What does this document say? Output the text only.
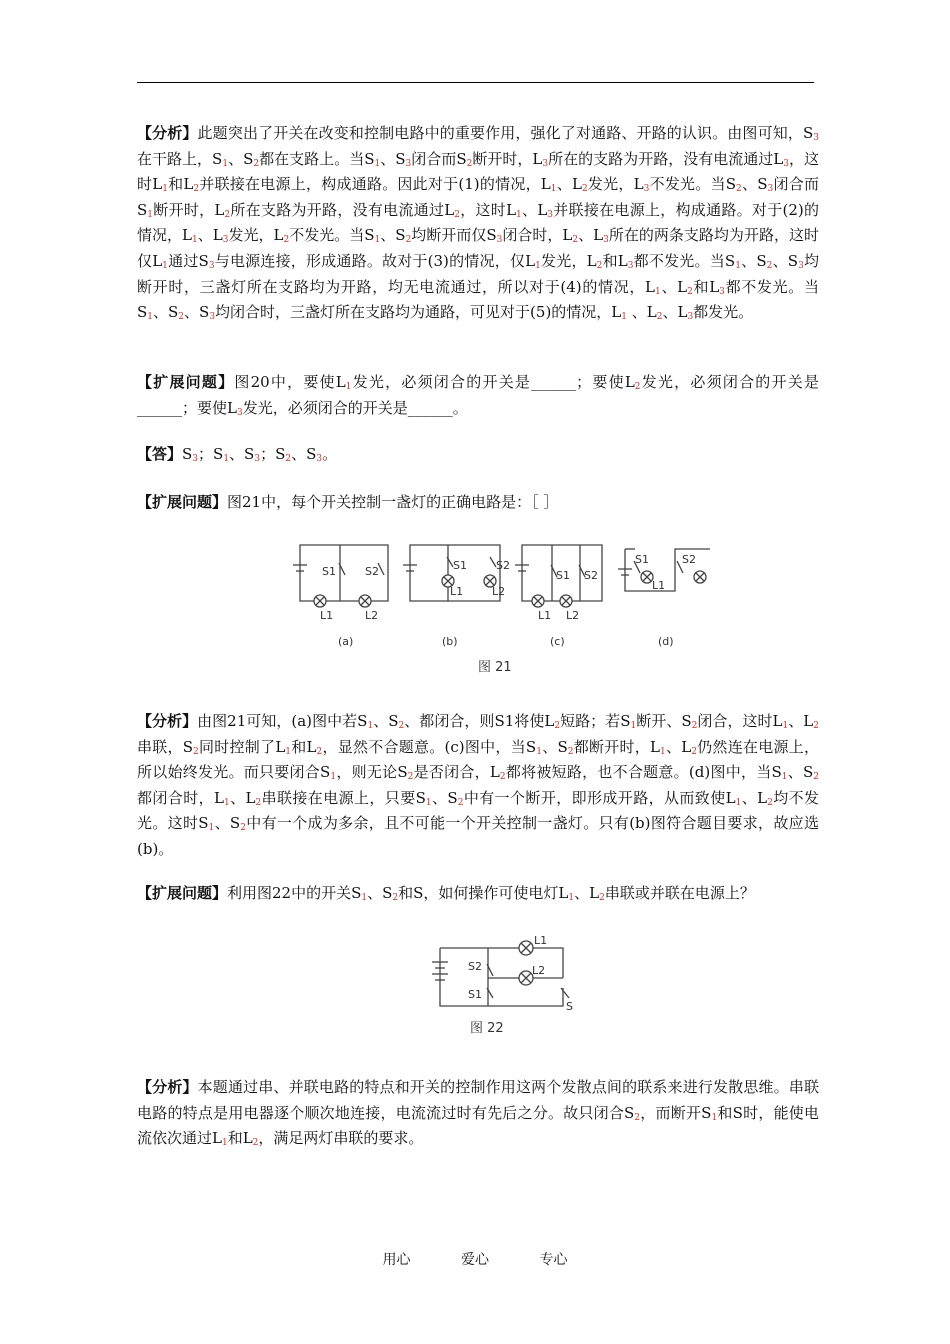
【分析】此题突出了开关在改变和控制电路中的重要作用，强化了对通路、开路的认识。由图可知，$S_3$在干路上，$S_1$、$S_2$都在支路上。当$S_1$、$S_3$闭合而$S_2$断开时，$L_3$所在的支路为开路，没有电流通过$L_3$，这时$L_1$和$L_2$并联接在电源上，构成通路。因此对于(1)的情况，$L_1$、$L_2$发光，$L_3$不发光。当$S_2$、$S_3$闭合而$S_1$断开时，$L_2$所在支路为开路，没有电流通过$L_2$，这时$L_1$、$L_3$并联接在电源上，构成通路。对于(2)的情况，$L_1$、$L_3$发光，$L_2$不发光。当$S_1$、$S_2$均断开而仅$S_3$闭合时，$L_2$、$L_3$所在的两条支路均为开路，这时仅$L_1$通过$S_3$与电源连接，形成通路。故对于(3)的情况，仅$L_1$发光，$L_2$和$L_3$都不发光。当$S_1$、$S_2$、$S_3$均断开时，三盏灯所在支路均为开路，均无电流通过，所以对于(4)的情况，$L_1$、$L_2$和$L_3$都不发光。当$S_1$、$S_2$、$S_3$均闭合时，三盏灯所在支路均为通路，可见对于(5)的情况，$L_1$ 、$L_2$、$L_3$都发光。

【扩展问题】图20中，要使$L_1$发光，必须闭合的开关是______；要使$L_2$发光，必须闭合的开关是______；要使$L_3$发光，必须闭合的开关是______。

【答】$S_3$；$S_1$、$S_3$；$S_2$、$S_3$。

【扩展问题】图21中，每个开关控制一盏灯的正确电路是：［ ］

S1	S2
L1	L2
S1	S2
L1	L2
S1 S2
L1 L2
S1	S2
L1
(a)	(b)	(c)	(d)
图 21

【分析】由图21可知，(a)图中若$S_1$、$S_2$、都闭合，则S1将使$L_2$短路；若$S_1$断开、$S_2$闭合，这时$L_1$、$L_2$串联，$S_2$同时控制了$L_1$和$L_2$，显然不合题意。(c)图中，当$S_1$、$S_2$都断开时，$L_1$、$L_2$仍然连在电源上，所以始终发光。而只要闭合$S_1$，则无论$S_2$是否闭合，$L_2$都将被短路，也不合题意。(d)图中，当$S_1$、$S_2$都闭合时，$L_1$、$L_2$串联接在电源上，只要$S_1$、$S_2$中有一个断开，即形成开路，从而致使$L_1$、$L_2$均不发光。这时$S_1$、$S_2$中有一个成为多余，且不可能一个开关控制一盏灯。只有(b)图符合题目要求，故应选(b)。

【扩展问题】利用图22中的开关$S_1$、$S_2$和S，如何操作可使电灯$L_1$、$L_2$串联或并联在电源上？

L1
L2
S2
S1
S
图 22

【分析】本题通过串、并联电路的特点和开关的控制作用这两个发散点间的联系来进行发散思维。串联电路的特点是用电器逐个顺次地连接，电流流过时有先后之分。故只闭合$S_2$，而断开$S_1$和S时，能使电流依次通过$L_1$和$L_2$，满足两灯串联的要求。

用心	爱心	专心
